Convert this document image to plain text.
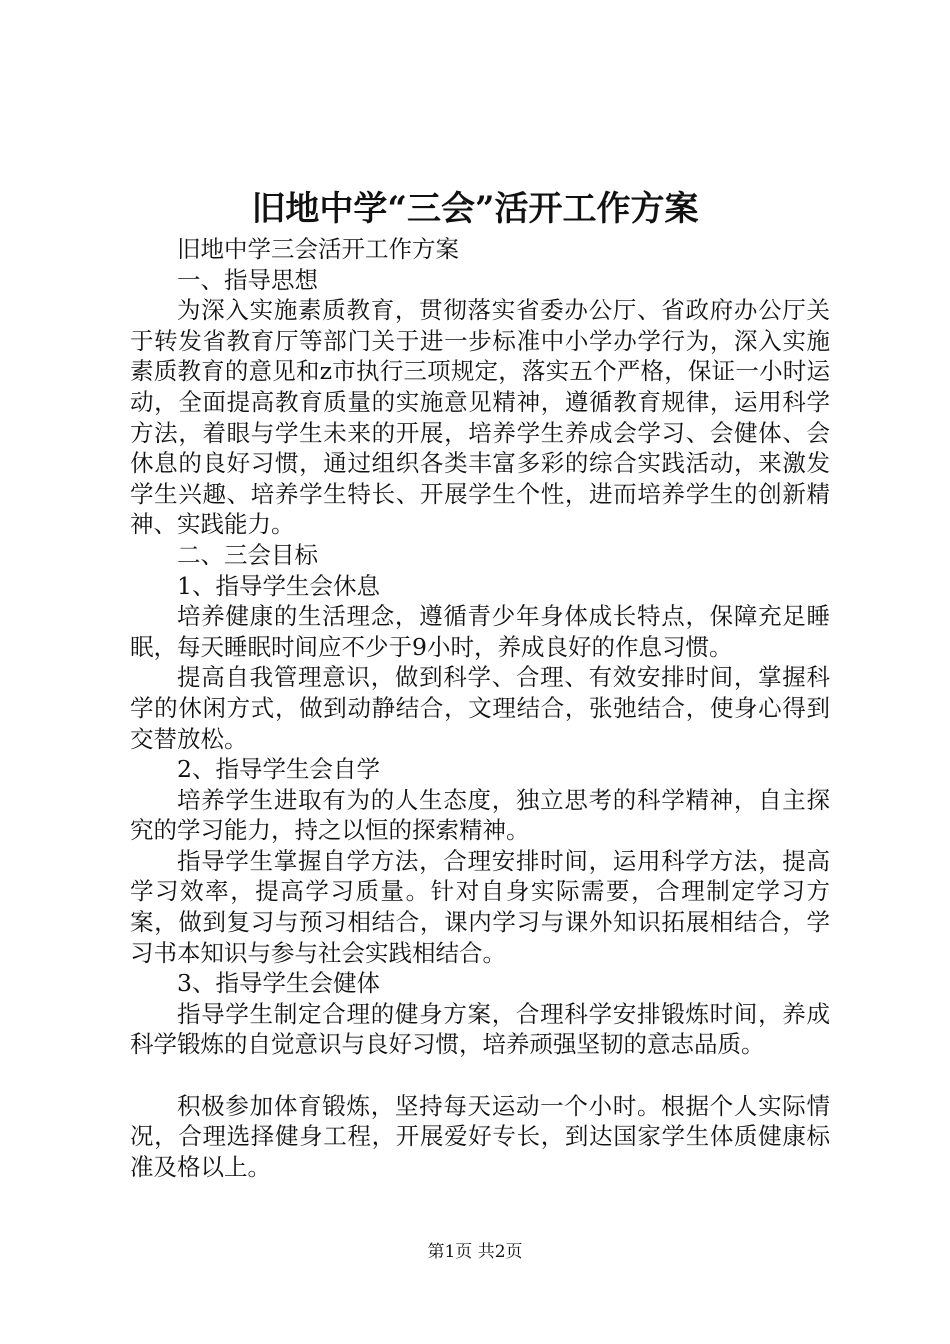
旧地中学“三会”活开工作方案

旧地中学三会活开工作方案

一、指导思想

为深入实施素质教育，贯彻落实省委办公厅、省政府办公厅关于转发省教育厅等部门关于进一步标准中小学办学行为，深入实施素质教育的意见和z市执行三项规定，落实五个严格，保证一小时运动，全面提高教育质量的实施意见精神，遵循教育规律，运用科学方法，着眼与学生未来的开展，培养学生养成会学习、会健体、会休息的良好习惯，通过组织各类丰富多彩的综合实践活动，来激发学生兴趣、培养学生特长、开展学生个性，进而培养学生的创新精神、实践能力。

二、三会目标

1、指导学生会休息

培养健康的生活理念，遵循青少年身体成长特点，保障充足睡眠，每天睡眠时间应不少于9小时，养成良好的作息习惯。

提高自我管理意识，做到科学、合理、有效安排时间，掌握科学的休闲方式，做到动静结合，文理结合，张弛结合，使身心得到交替放松。

2、指导学生会自学

培养学生进取有为的人生态度，独立思考的科学精神，自主探究的学习能力，持之以恒的探索精神。

指导学生掌握自学方法，合理安排时间，运用科学方法，提高学习效率，提高学习质量。针对自身实际需要，合理制定学习方案，做到复习与预习相结合，课内学习与课外知识拓展相结合，学习书本知识与参与社会实践相结合。

3、指导学生会健体

指导学生制定合理的健身方案，合理科学安排锻炼时间，养成科学锻炼的自觉意识与良好习惯，培养顽强坚韧的意志品质。

积极参加体育锻炼，坚持每天运动一个小时。根据个人实际情况，合理选择健身工程，开展爱好专长，到达国家学生体质健康标准及格以上。

第1页 共2页
